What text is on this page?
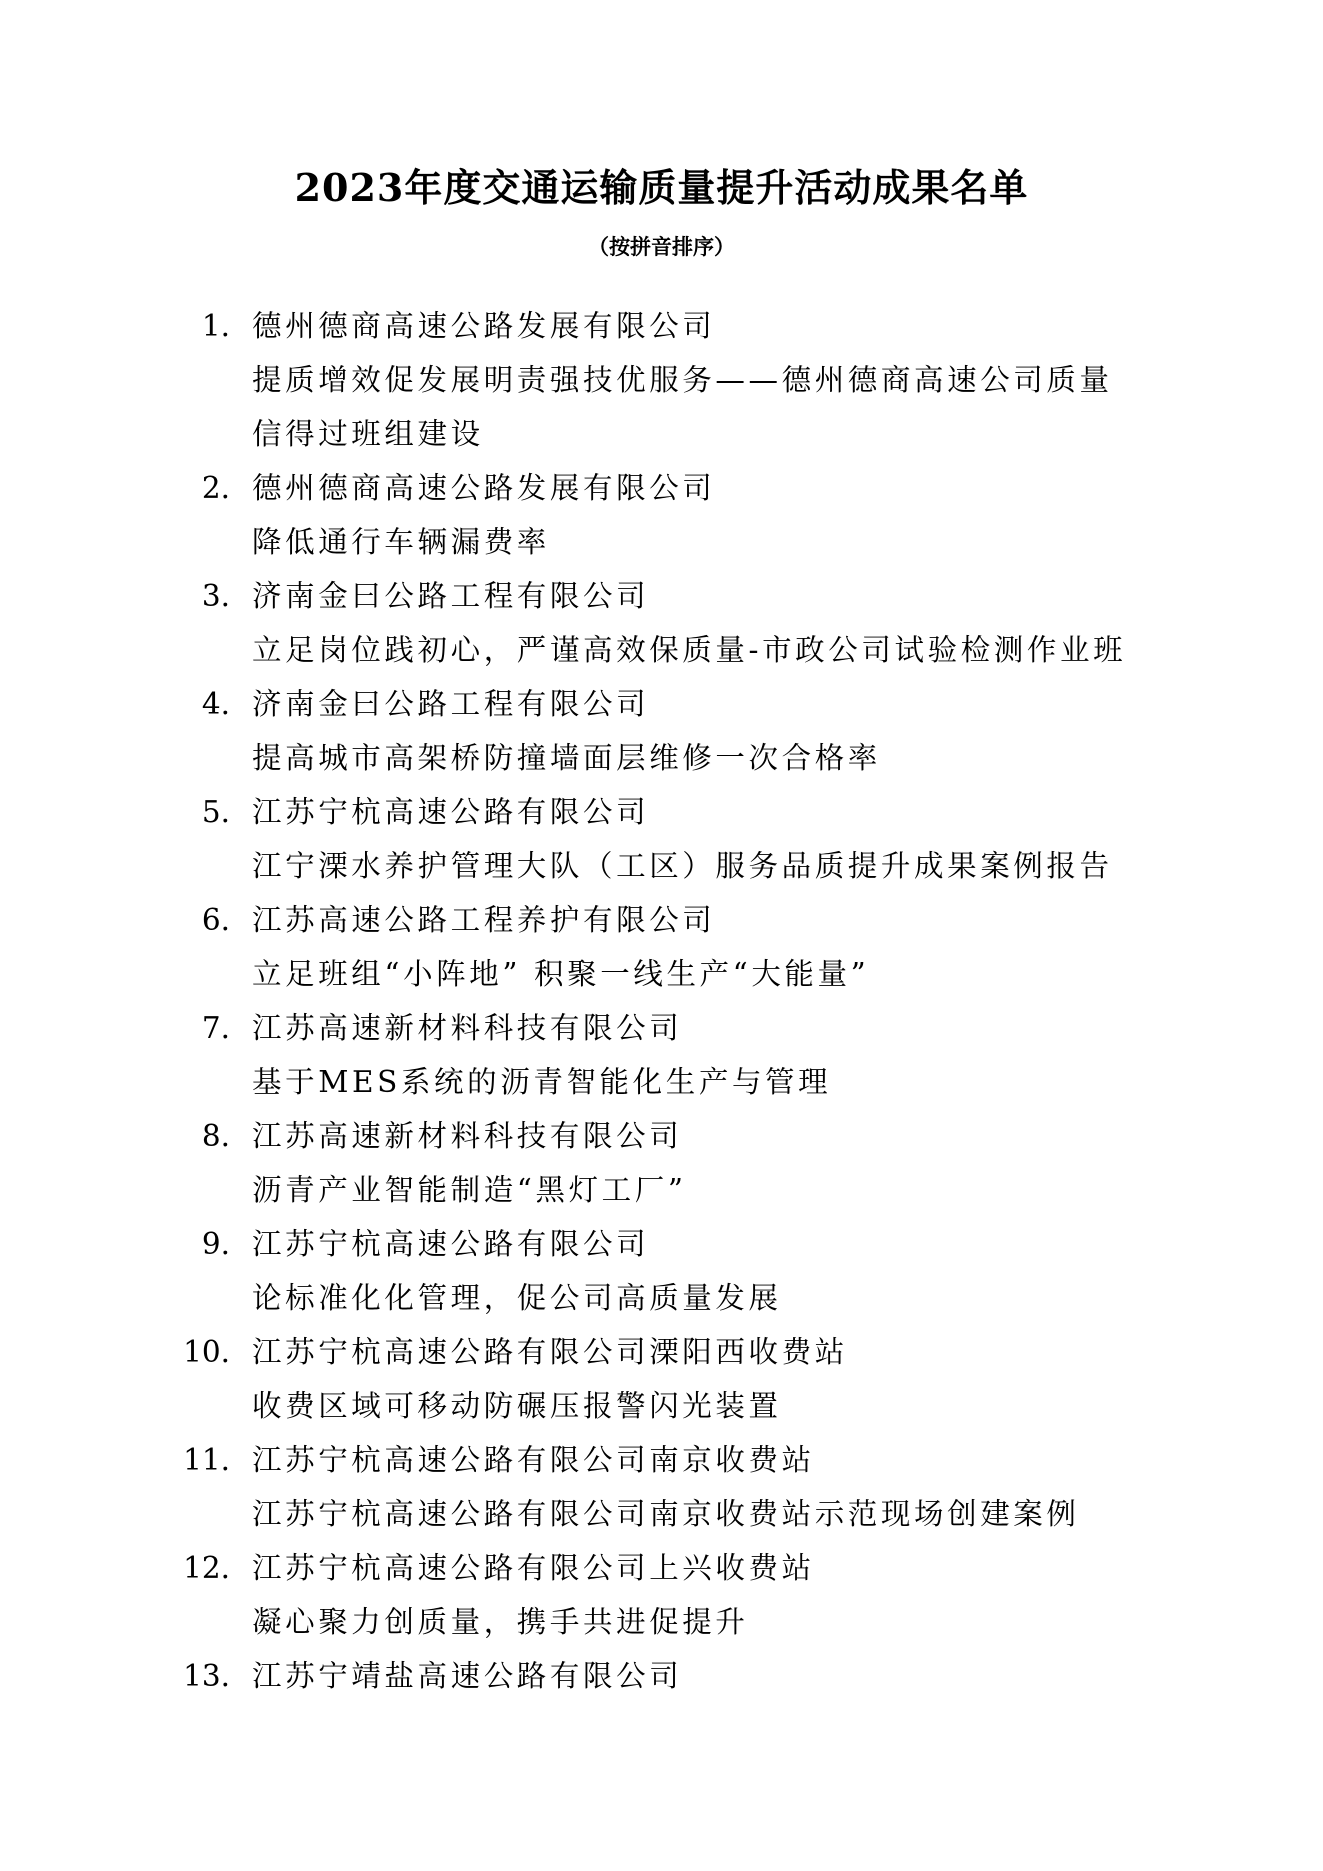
2023年度交通运输质量提升活动成果名单
（按拼音排序）
1. 德州德商高速公路发展有限公司
提质增效促发展明责强技优服务——德州德商高速公司质量
信得过班组建设
2. 德州德商高速公路发展有限公司
降低通行车辆漏费率
3. 济南金曰公路工程有限公司
立足岗位践初心，严谨高效保质量-市政公司试验检测作业班
4. 济南金曰公路工程有限公司
提高城市高架桥防撞墙面层维修一次合格率
5. 江苏宁杭高速公路有限公司
江宁溧水养护管理大队（工区）服务品质提升成果案例报告
6. 江苏高速公路工程养护有限公司
立足班组“小阵地” 积聚一线生产“大能量”
7. 江苏高速新材料科技有限公司
基于MES系统的沥青智能化生产与管理
8. 江苏高速新材料科技有限公司
沥青产业智能制造“黑灯工厂”
9. 江苏宁杭高速公路有限公司
论标准化化管理，促公司高质量发展
10. 江苏宁杭高速公路有限公司溧阳西收费站
收费区域可移动防碾压报警闪光装置
11. 江苏宁杭高速公路有限公司南京收费站
江苏宁杭高速公路有限公司南京收费站示范现场创建案例
12. 江苏宁杭高速公路有限公司上兴收费站
凝心聚力创质量，携手共进促提升
13. 江苏宁靖盐高速公路有限公司
